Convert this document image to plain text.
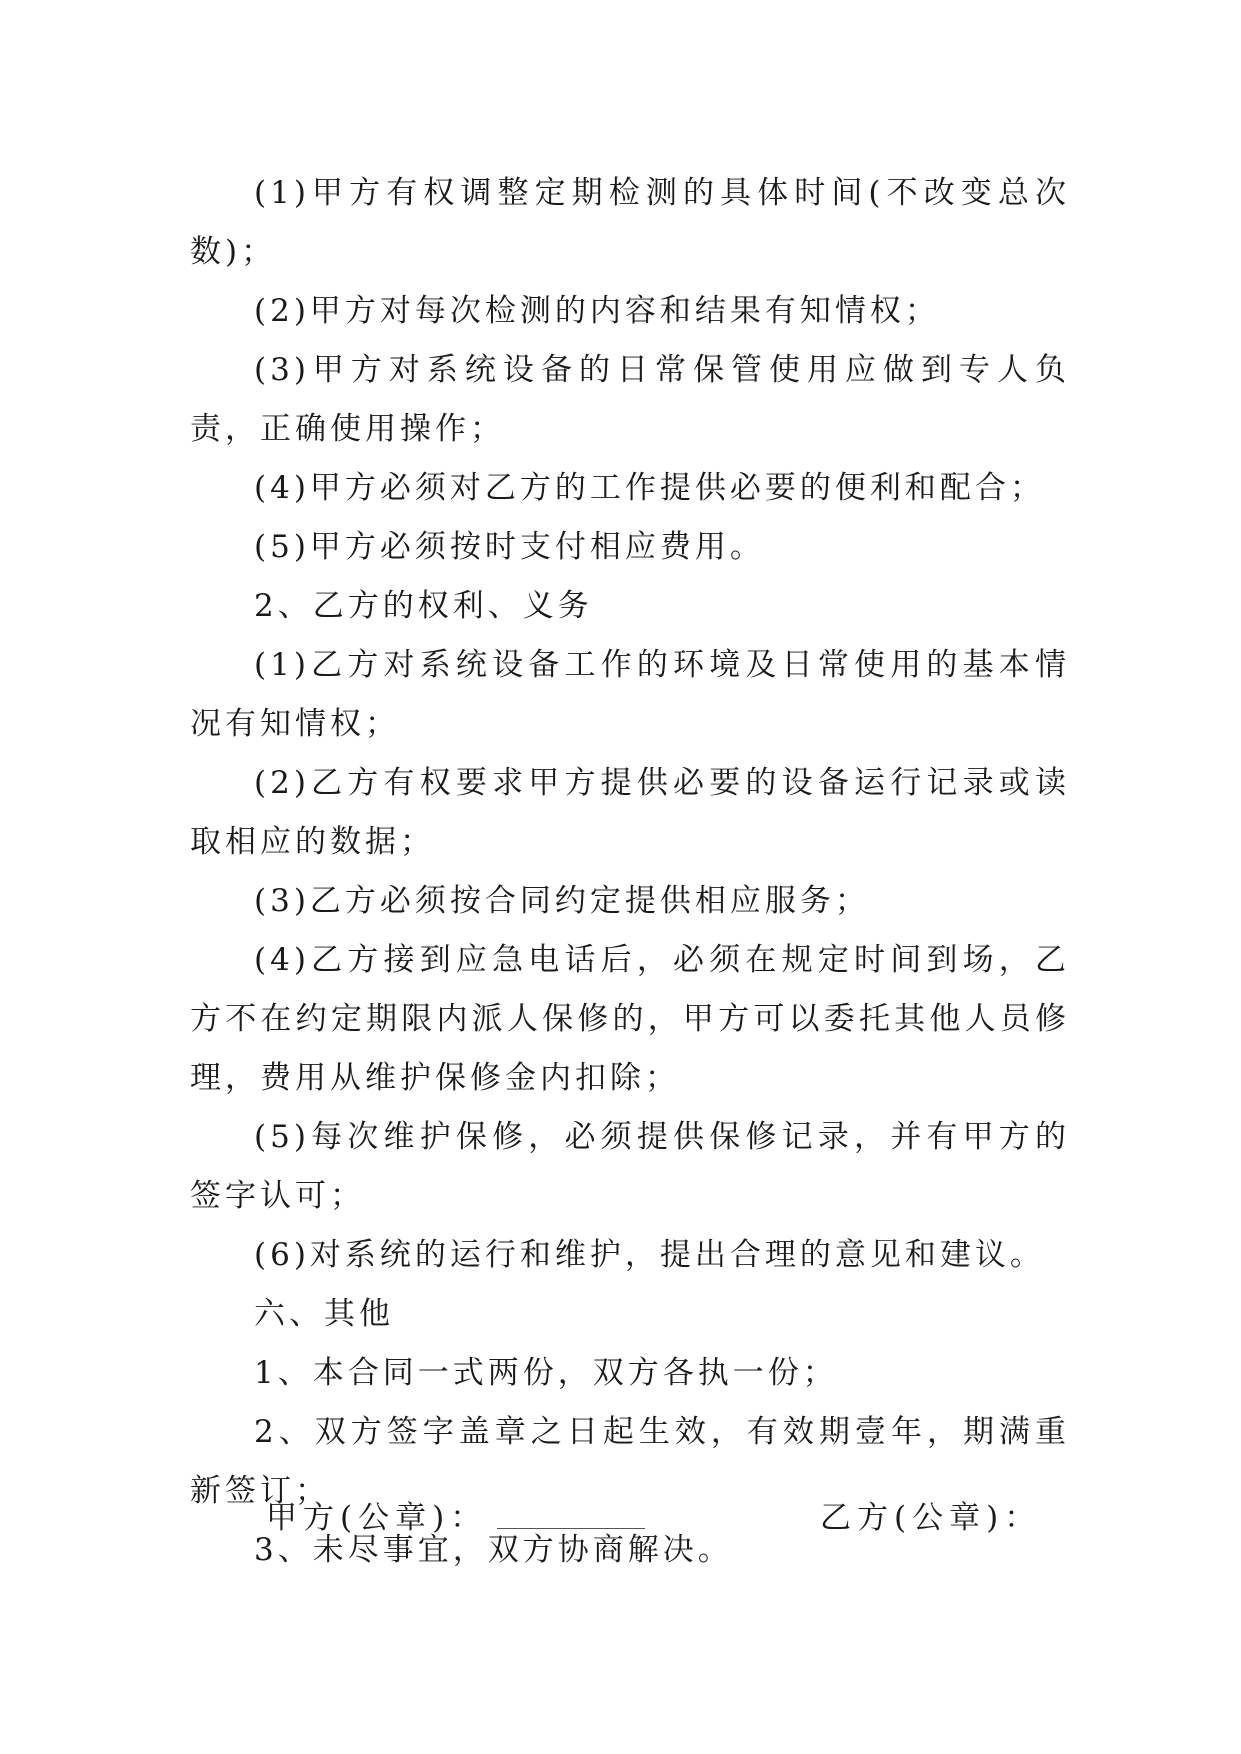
(1)甲方有权调整定期检测的具体时间(不改变总次数)；

(2)甲方对每次检测的内容和结果有知情权；

(3)甲方对系统设备的日常保管使用应做到专人负责，正确使用操作；

(4)甲方必须对乙方的工作提供必要的便利和配合；

(5)甲方必须按时支付相应费用。

2、乙方的权利、义务

(1)乙方对系统设备工作的环境及日常使用的基本情况有知情权；

(2)乙方有权要求甲方提供必要的设备运行记录或读取相应的数据；

(3)乙方必须按合同约定提供相应服务；

(4)乙方接到应急电话后，必须在规定时间到场，乙方不在约定期限内派人保修的，甲方可以委托其他人员修理，费用从维护保修金内扣除；

(5)每次维护保修，必须提供保修记录，并有甲方的签字认可；

(6)对系统的运行和维护，提出合理的意见和建议。

六、其他

1、本合同一式两份，双方各执一份；

2、双方签字盖章之日起生效，有效期壹年，期满重新签订；

3、未尽事宜，双方协商解决。

甲方(公章)：	乙方(公章)：
